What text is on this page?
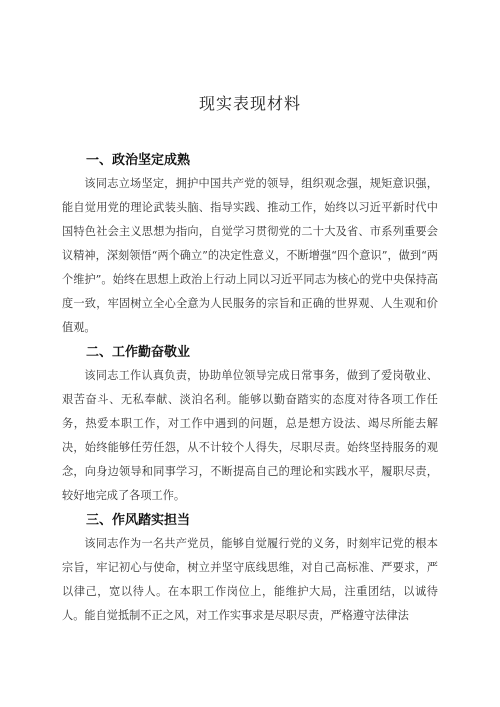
现实表现材料
一、政治坚定成熟

该同志立场坚定，拥护中国共产党的领导，组织观念强，规矩意识强，能自觉用党的理论武装头脑、指导实践、推动工作，始终以习近平新时代中国特色社会主义思想为指向，自觉学习贯彻党的二十大及省、市系列重要会议精神，深刻领悟“两个确立”的决定性意义，不断增强“四个意识”，做到“两个维护”。始终在思想上政治上行动上同以习近平同志为核心的党中央保持高度一致，牢固树立全心全意为人民服务的宗旨和正确的世界观、人生观和价值观。

二、工作勤奋敬业

该同志工作认真负责，协助单位领导完成日常事务，做到了爱岗敬业、艰苦奋斗、无私奉献、淡泊名利。能够以勤奋踏实的态度对待各项工作任务，热爱本职工作，对工作中遇到的问题，总是想方设法、竭尽所能去解决，始终能够任劳任怨，从不计较个人得失，尽职尽责。始终坚持服务的观念，向身边领导和同事学习，不断提高自己的理论和实践水平，履职尽责，较好地完成了各项工作。

三、作风踏实担当

该同志作为一名共产党员，能够自觉履行党的义务，时刻牢记党的根本宗旨，牢记初心与使命，树立并坚守底线思维，对自己高标准、严要求，严以律己，宽以待人。在本职工作岗位上，能维护大局，注重团结，以诚待人。能自觉抵制不正之风，对工作实事求是尽职尽责，严格遵守法律法
